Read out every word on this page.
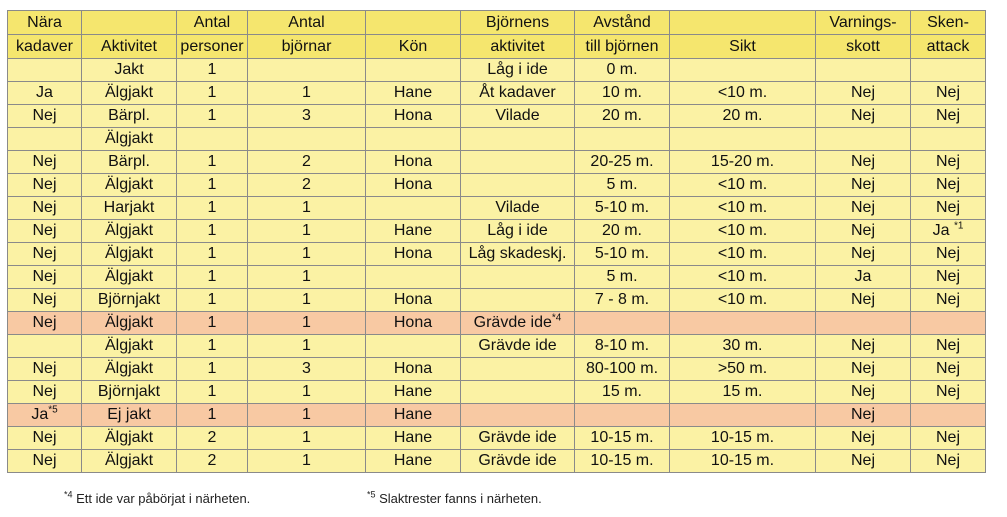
Nära		Antal	Antal		Björnens	Avstånd		Varnings-	Sken-
kadaver	Aktivitet	personer	björnar	Kön	aktivitet	till björnen	Sikt	skott	attack
	Jakt	1			Låg i ide	0 m.			
Ja	Älgjakt	1	1	Hane	Åt kadaver	10 m.	<10 m.	Nej	Nej
Nej	Bärpl.	1	3	Hona	Vilade	20 m.	20 m.	Nej	Nej
	Älgjakt								
Nej	Bärpl.	1	2	Hona		20-25 m.	15-20 m.	Nej	Nej
Nej	Älgjakt	1	2	Hona		5 m.	<10 m.	Nej	Nej
Nej	Harjakt	1	1		Vilade	5-10 m.	<10 m.	Nej	Nej
Nej	Älgjakt	1	1	Hane	Låg i ide	20 m.	<10 m.	Nej	Ja $^{*1}$
Nej	Älgjakt	1	1	Hona	Låg skadeskj.	5-10 m.	<10 m.	Nej	Nej
Nej	Älgjakt	1	1			5 m.	<10 m.	Ja	Nej
Nej	Björnjakt	1	1	Hona		7 - 8 m.	<10 m.	Nej	Nej
Nej	Älgjakt	1	1	Hona	Grävde ide$^{*4}$				
	Älgjakt	1	1		Grävde ide	8-10 m.	30 m.	Nej	Nej
Nej	Älgjakt	1	3	Hona		80-100 m.	>50 m.	Nej	Nej
Nej	Björnjakt	1	1	Hane		15 m.	15 m.	Nej	Nej
Ja$^{*5}$	Ej jakt	1	1	Hane				Nej	
Nej	Älgjakt	2	1	Hane	Grävde ide	10-15 m.	10-15 m.	Nej	Nej
Nej	Älgjakt	2	1	Hane	Grävde ide	10-15 m.	10-15 m.	Nej	Nej
$^{*4}$ Ett ide var påbörjat i närheten.	$^{*5}$ Slaktrester fanns i närheten.
